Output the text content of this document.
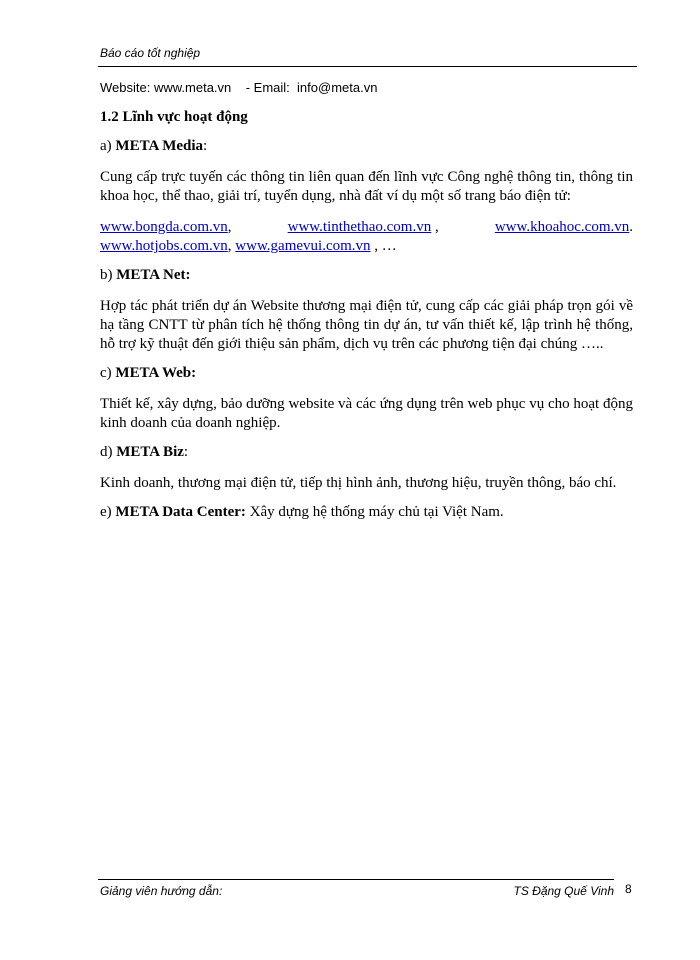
Báo cáo tốt nghiệp
Website: www.meta.vn - Email: info@meta.vn

1.2 Lĩnh vực hoạt động

a) META Media:

Cung cấp trực tuyến các thông tin liên quan đến lĩnh vực Công nghệ thông tin, thông tin khoa học, thể thao, giải trí, tuyển dụng, nhà đất ví dụ một số trang báo điện tử:

www.bongda.com.vn,	www.tinthethao.com.vn ,	www.khoahoc.com.vn.
www.hotjobs.com.vn, www.gamevui.com.vn , …

b) META Net:

Hợp tác phát triển dự án Website thương mại điện tử, cung cấp các giải pháp trọn gói về hạ tầng CNTT từ phân tích hệ thống thông tin dự án, tư vấn thiết kế, lập trình hệ thống, hỗ trợ kỹ thuật đến giới thiệu sản phẩm, dịch vụ trên các phương tiện đại chúng …..

c) META Web:

Thiết kế, xây dựng, bảo dưỡng website và các ứng dụng trên web phục vụ cho hoạt động kinh doanh của doanh nghiệp.

d) META Biz:

Kinh doanh, thương mại điện tử, tiếp thị hình ảnh, thương hiệu, truyền thông, báo chí.

e) META Data Center: Xây dựng hệ thống máy chủ tại Việt Nam.

Giảng viên hướng dẫn:	TS Đặng Quế Vinh 8
